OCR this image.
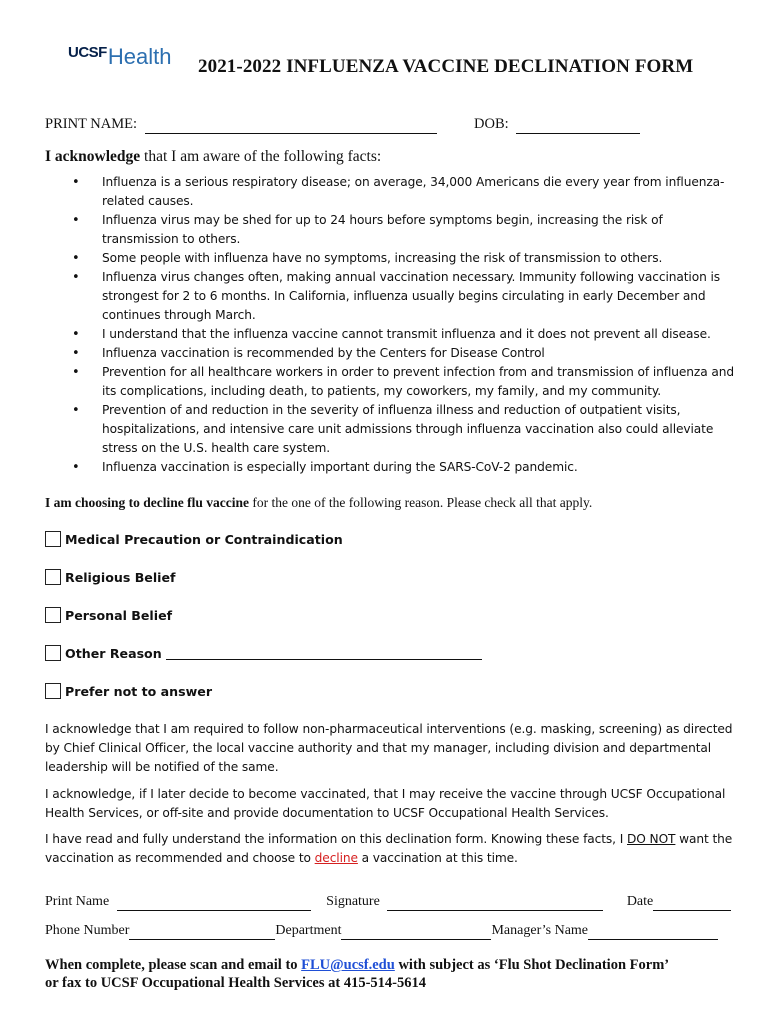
UCSF Health 2021-2022 INFLUENZA VACCINE DECLINATION FORM
PRINT NAME:	DOB:
I acknowledge that I am aware of the following facts:
• Influenza is a serious respiratory disease; on average, 34,000 Americans die every year from influenza-related causes.
• Influenza virus may be shed for up to 24 hours before symptoms begin, increasing the risk of transmission to others.
• Some people with influenza have no symptoms, increasing the risk of transmission to others.
• Influenza virus changes often, making annual vaccination necessary. Immunity following vaccination is strongest for 2 to 6 months. In California, influenza usually begins circulating in early December and continues through March.
• I understand that the influenza vaccine cannot transmit influenza and it does not prevent all disease.
• Influenza vaccination is recommended by the Centers for Disease Control
• Prevention for all healthcare workers in order to prevent infection from and transmission of influenza and its complications, including death, to patients, my coworkers, my family, and my community.
• Prevention of and reduction in the severity of influenza illness and reduction of outpatient visits, hospitalizations, and intensive care unit admissions through influenza vaccination also could alleviate stress on the U.S. health care system.
• Influenza vaccination is especially important during the SARS-CoV-2 pandemic.
I am choosing to decline flu vaccine for the one of the following reason. Please check all that apply.
Medical Precaution or Contraindication
Religious Belief
Personal Belief
Other Reason
Prefer not to answer
I acknowledge that I am required to follow non-pharmaceutical interventions (e.g. masking, screening) as directed by Chief Clinical Officer, the local vaccine authority and that my manager, including division and departmental leadership will be notified of the same.
I acknowledge, if I later decide to become vaccinated, that I may receive the vaccine through UCSF Occupational Health Services, or off-site and provide documentation to UCSF Occupational Health Services.
I have read and fully understand the information on this declination form. Knowing these facts, I DO NOT want the vaccination as recommended and choose to decline a vaccination at this time.
Print Name	Signature	Date
Phone Number	Department	Manager’s Name
When complete, please scan and email to FLU@ucsf.edu with subject as ‘Flu Shot Declination Form’
or fax to UCSF Occupational Health Services at 415-514-5614
